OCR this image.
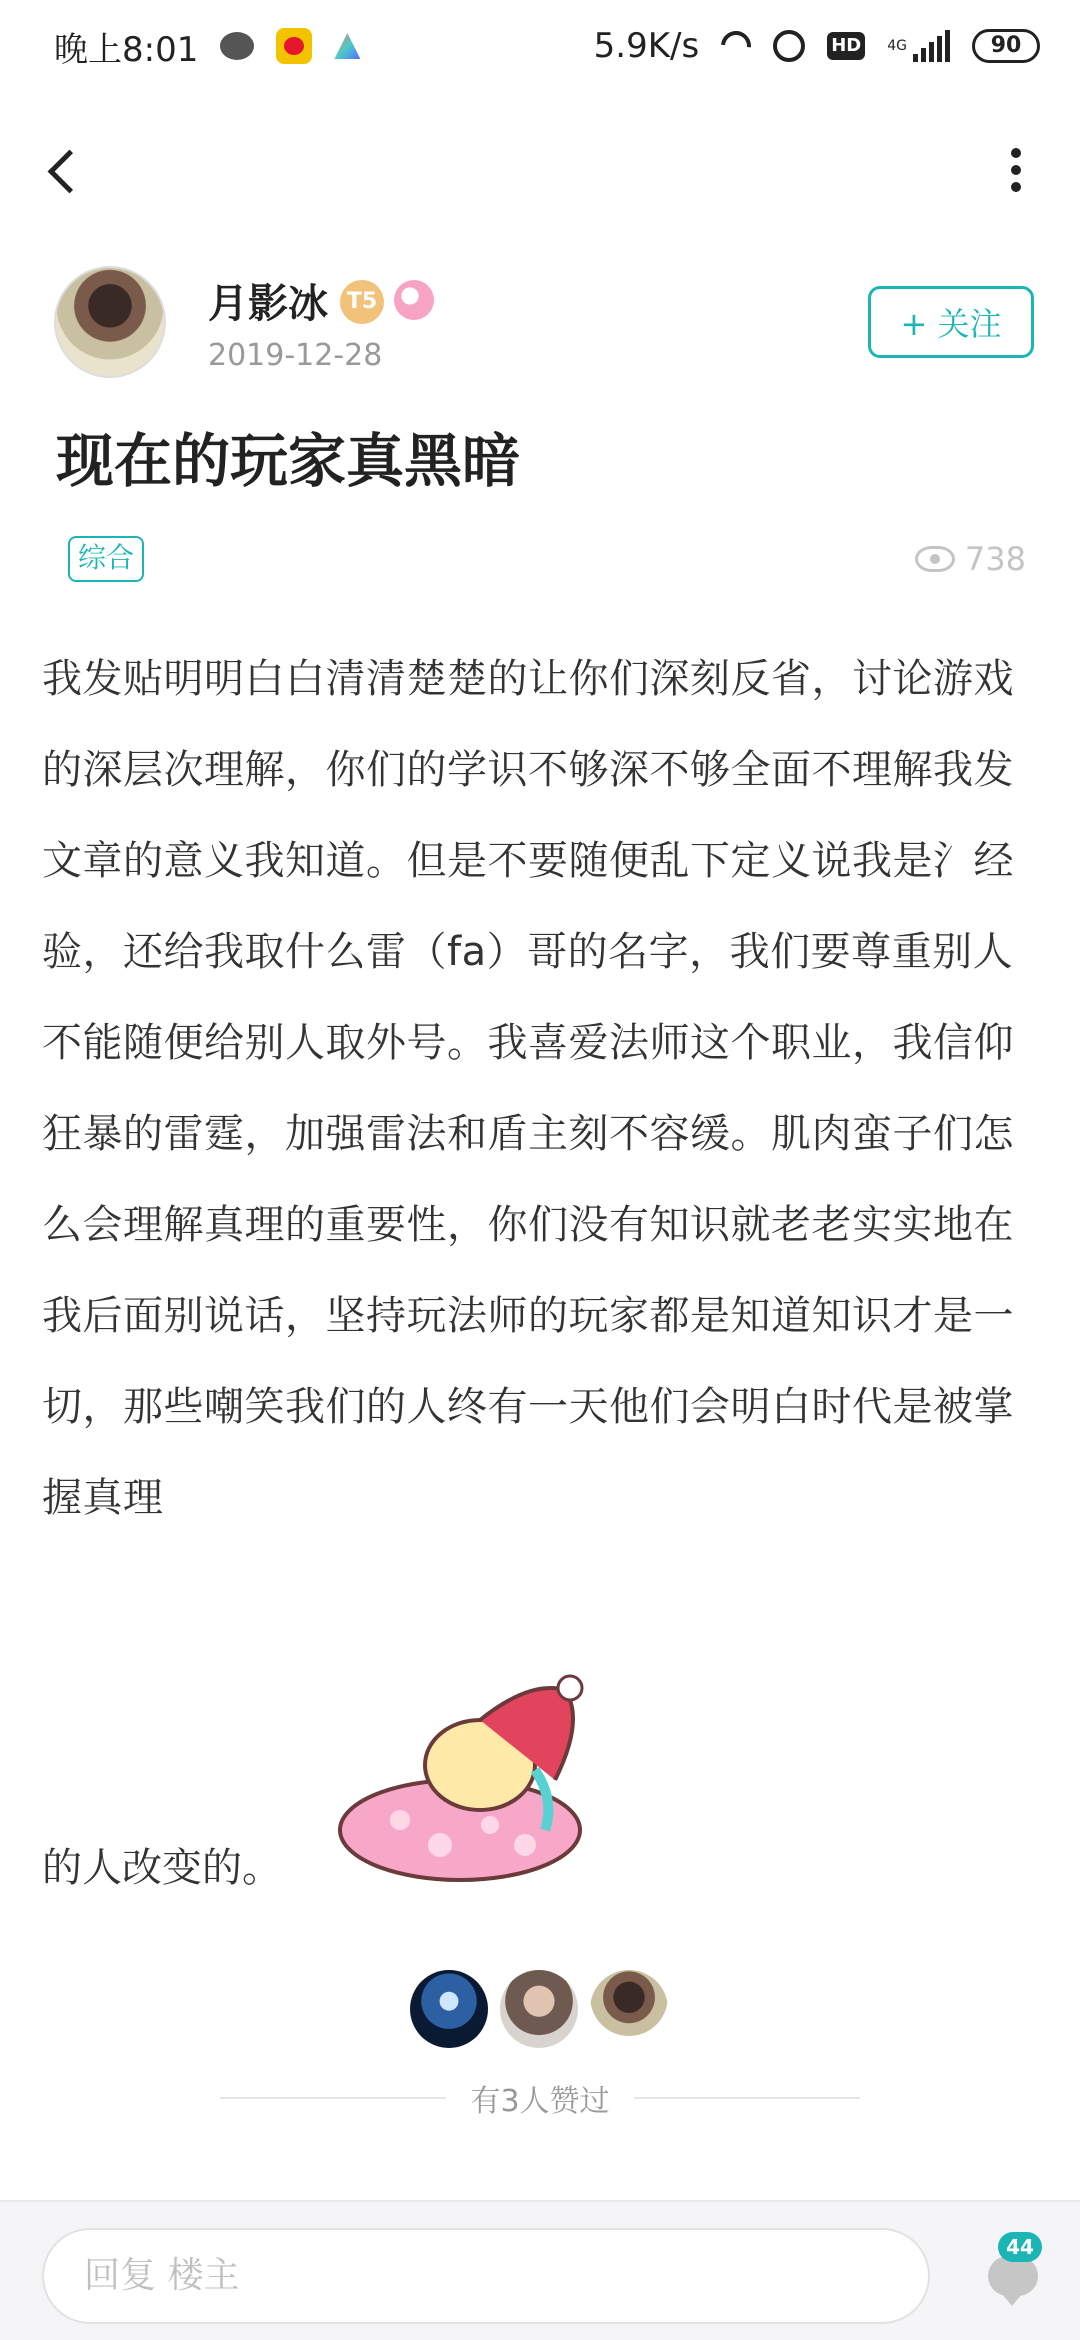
晚上8:01	5.9K/s	HD 4G	90
月影冰 T5
2019-12-28
+ 关注
现在的玩家真黑暗
综合	738
我发贴明明白白清清楚楚的让你们深刻反省，讨论游戏的深层次理解，你们的学识不够深不够全面不理解我发文章的意义我知道。但是不要随便乱下定义说我是氵经验，还给我取什么雷（fa）哥的名字，我们要尊重别人不能随便给别人取外号。我喜爱法师这个职业，我信仰狂暴的雷霆，加强雷法和盾主刻不容缓。肌肉蛮子们怎么会理解真理的重要性，你们没有知识就老老实实地在我后面别说话，坚持玩法师的玩家都是知道知识才是一切，那些嘲笑我们的人终有一天他们会明白时代是被掌握真理
的人改变的。
有3人赞过
回复 楼主
44
